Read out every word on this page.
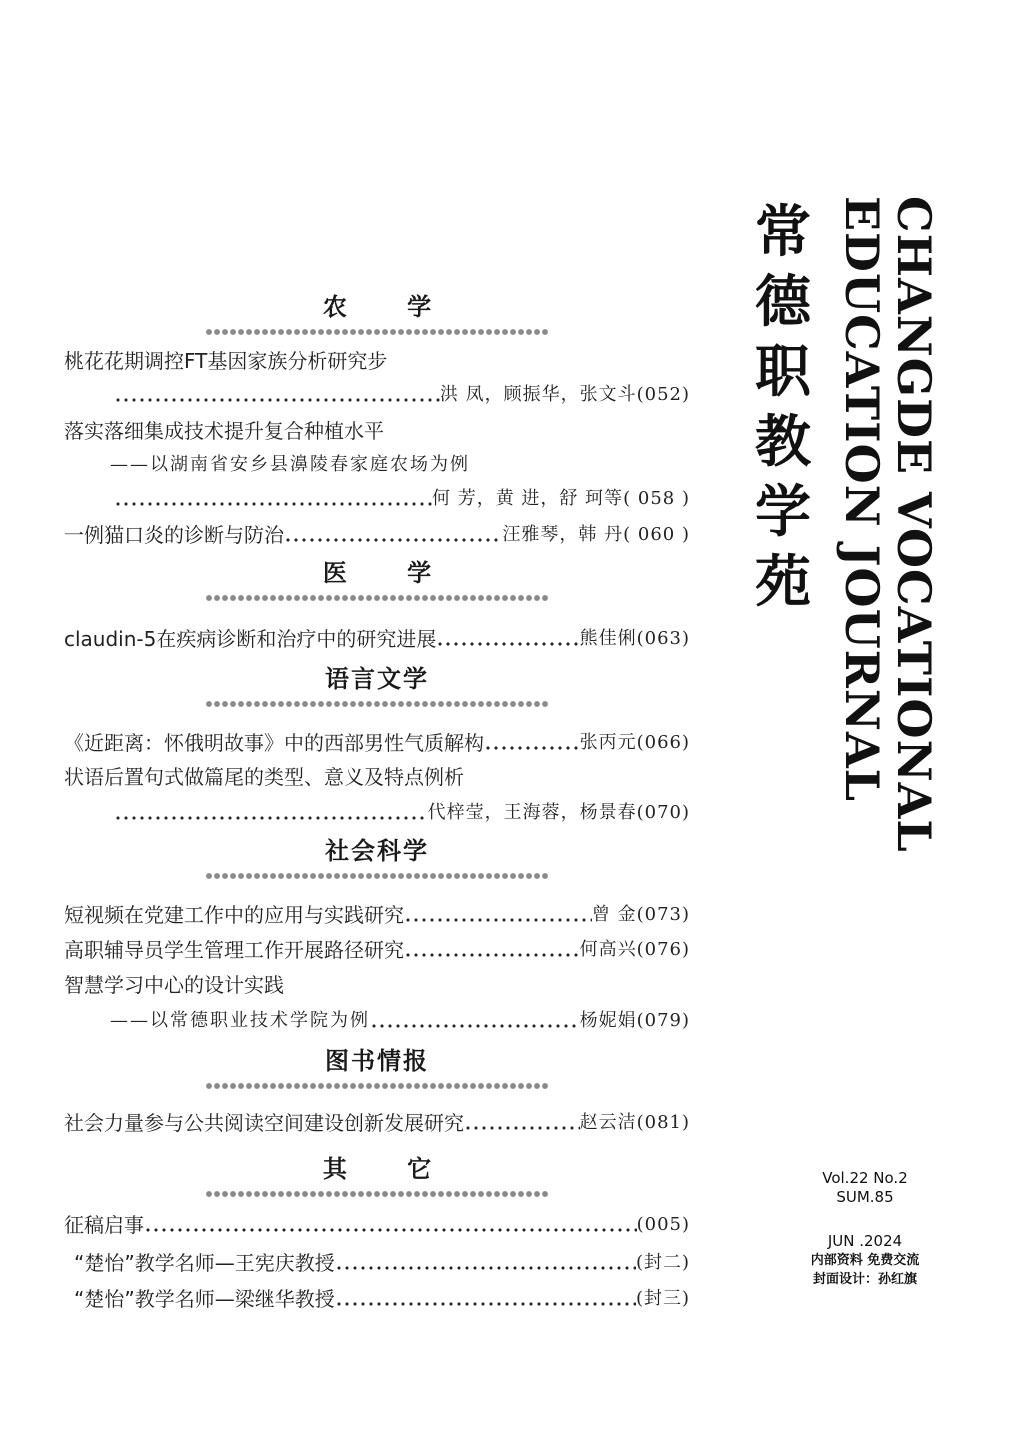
农 学
桃花花期调控FT基因家族分析研究步
洪 凤，顾振华，张文斗(052)
落实落细集成技术提升复合种植水平
——以湖南省安乡县濞陵春家庭农场为例
何 芳，黄 进，舒 珂等( 058 )
一例猫口炎的诊断与防治	汪雅琴，韩 丹( 060 )
医 学
claudin-5在疾病诊断和治疗中的研究进展	熊佳俐(063)
语言文学
《近距离：怀俄明故事》中的西部男性气质解构	张丙元(066)
状语后置句式做篇尾的类型、意义及特点例析
代梓莹，王海蓉，杨景春(070)
社会科学
短视频在党建工作中的应用与实践研究	曾 金(073)
高职辅导员学生管理工作开展路径研究	何高兴(076)
智慧学习中心的设计实践
——以常德职业技术学院为例	杨妮娟(079)
图书情报
社会力量参与公共阅读空间建设创新发展研究	赵云洁(081)
其 它
征稿启事	(005)
“楚怡”教学名师—王宪庆教授	(封二)
“楚怡”教学名师—梁继华教授	(封三)
常
德
职
教
学
苑 CHANGDE VOCATIONAL
EDUCATION JOURNAL
Vol.22 No.2
SUM.85
JUN .2024
内部资料 免费交流
封面设计：孙红旗
